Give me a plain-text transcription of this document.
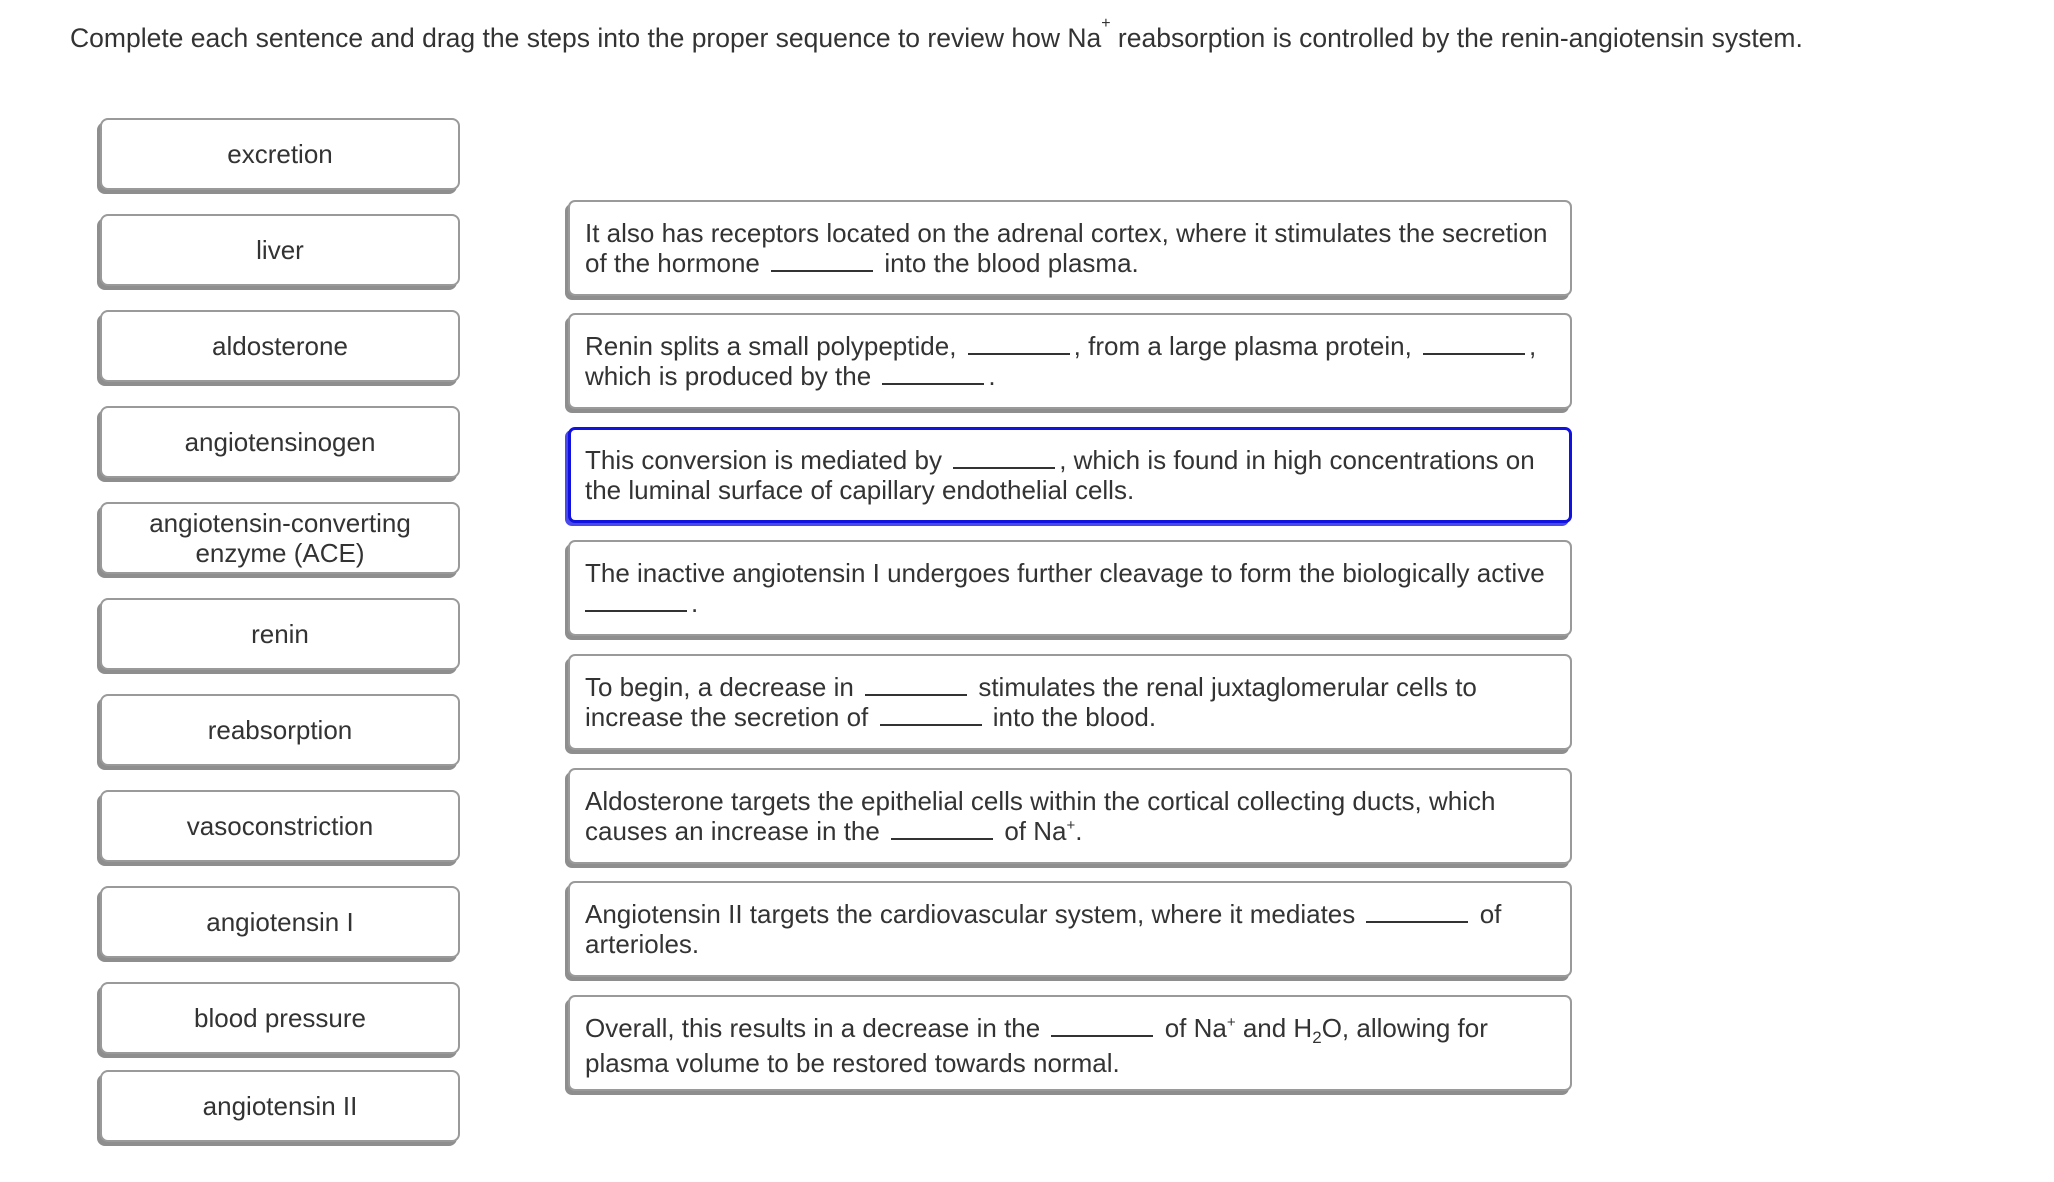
Complete each sentence and drag the steps into the proper sequence to review how Na+ reabsorption is controlled by the renin-angiotensin system.
excretion
liver
aldosterone
angiotensinogen
angiotensin-converting enzyme (ACE)
renin
reabsorption
vasoconstriction
angiotensin I
blood pressure
angiotensin II
It also has receptors located on the adrenal cortex, where it stimulates the secretion
of the hormone	into the blood plasma.
Renin splits a small polypeptide,	, from a large plasma protein,	,
which is produced by the	.
This conversion is mediated by	, which is found in high concentrations on
the luminal surface of capillary endothelial cells.
The inactive angiotensin I undergoes further cleavage to form the biologically active
.
To begin, a decrease in	stimulates the renal juxtaglomerular cells to
increase the secretion of	into the blood.
Aldosterone targets the epithelial cells within the cortical collecting ducts, which
causes an increase in the	of Na+.
Angiotensin II targets the cardiovascular system, where it mediates	of
arterioles.
Overall, this results in a decrease in the	of Na+ and $H_2O$, allowing for
plasma volume to be restored towards normal.
